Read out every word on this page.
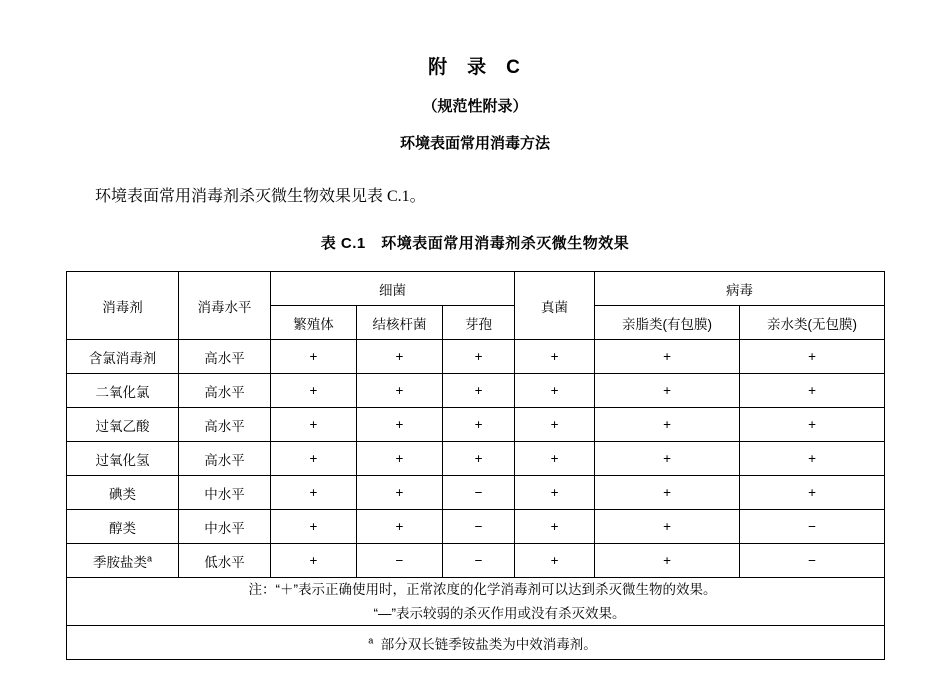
附 录 C
（规范性附录）
环境表面常用消毒方法
环境表面常用消毒剂杀灭微生物效果见表 C.1。
表 C.1　环境表面常用消毒剂杀灭微生物效果
消毒剂	消毒水平	细菌			真菌	病毒	
		繁殖体	结核杆菌	芽孢		亲脂类(有包膜)	亲水类(无包膜)
含氯消毒剂	高水平	+	+	+	+	+	+
二氧化氯	高水平	+	+	+	+	+	+
过氧乙酸	高水平	+	+	+	+	+	+
过氧化氢	高水平	+	+	+	+	+	+
碘类	中水平	+	+	−	+	+	+
醇类	中水平	+	+	−	+	+	−
季胺盐类$^a$	低水平	+	−	−	+	+	−

注：“＋”表示正确使用时，正常浓度的化学消毒剂可以达到杀灭微生物的效果。
“—”表示较弱的杀灭作用或没有杀灭效果。							

$^a$ 部分双长链季铵盐类为中效消毒剂。							
